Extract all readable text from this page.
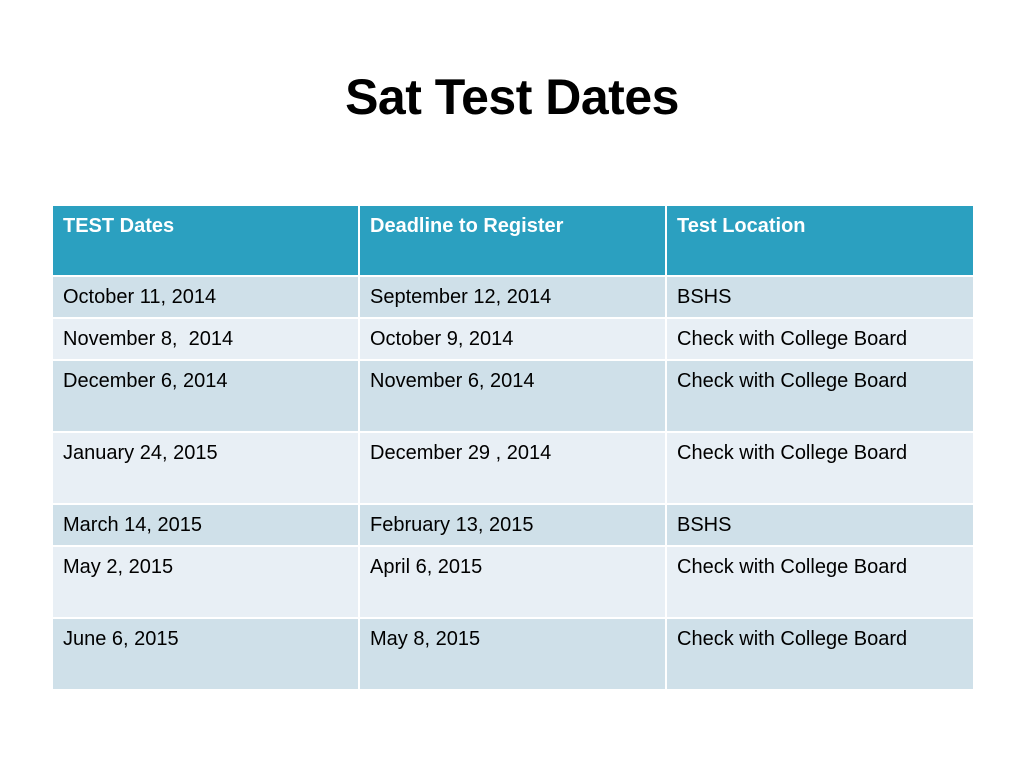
Sat Test Dates
TEST Dates	Deadline to Register	Test Location
October 11, 2014	September 12, 2014	BSHS
November 8,  2014	October 9, 2014	Check with College Board
December 6, 2014	November 6, 2014	Check with College Board
January 24, 2015	December 29 , 2014	Check with College Board
March 14, 2015	February 13, 2015	BSHS
May 2, 2015	April 6, 2015	Check with College Board
June 6, 2015	May 8, 2015	Check with College Board
